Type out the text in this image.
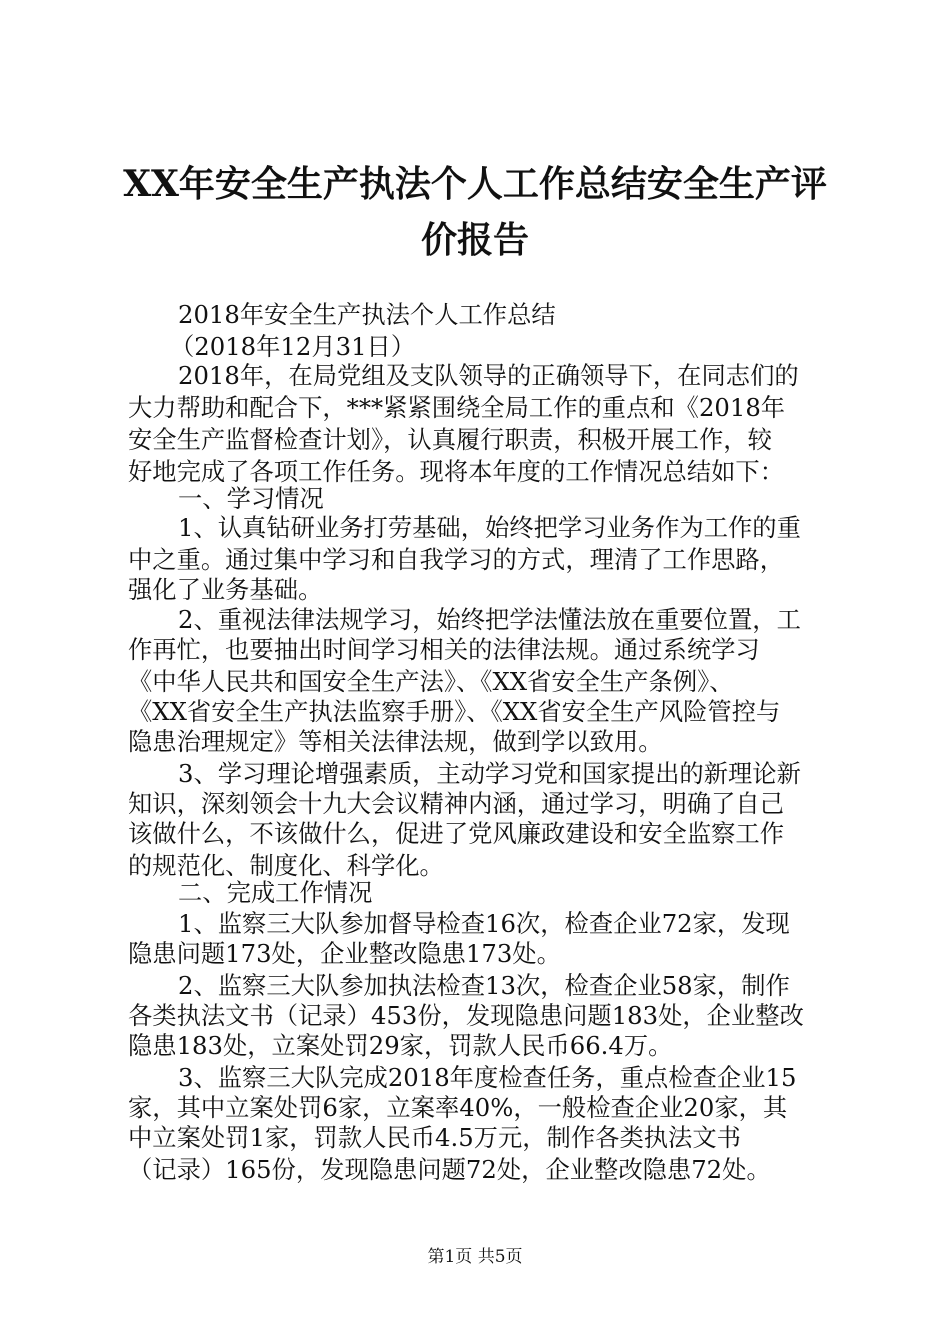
XX年安全生产执法个人工作总结安全生产评
价报告
2018年安全生产执法个人工作总结
（2018年12月31日）
2018年，在局党组及支队领导的正确领导下，在同志们的
大力帮助和配合下，***紧紧围绕全局工作的重点和《2018年
安全生产监督检查计划》，认真履行职责，积极开展工作，较
好地完成了各项工作任务。现将本年度的工作情况总结如下：
一、学习情况
1、认真钻研业务打劳基础，始终把学习业务作为工作的重
中之重。通过集中学习和自我学习的方式，理清了工作思路，
强化了业务基础。
2、重视法律法规学习，始终把学法懂法放在重要位置，工
作再忙，也要抽出时间学习相关的法律法规。通过系统学习
《中华人民共和国安全生产法》、《XX省安全生产条例》、
《XX省安全生产执法监察手册》、《XX省安全生产风险管控与
隐患治理规定》等相关法律法规，做到学以致用。
3、学习理论增强素质，主动学习党和国家提出的新理论新
知识，深刻领会十九大会议精神内涵，通过学习，明确了自己
该做什么，不该做什么，促进了党风廉政建设和安全监察工作
的规范化、制度化、科学化。
二、完成工作情况
1、监察三大队参加督导检查16次，检查企业72家，发现
隐患问题173处，企业整改隐患173处。
2、监察三大队参加执法检查13次，检查企业58家，制作
各类执法文书（记录）453份，发现隐患问题183处，企业整改
隐患183处，立案处罚29家，罚款人民币66.4万。
3、监察三大队完成2018年度检查任务，重点检查企业15
家，其中立案处罚6家，立案率40%，一般检查企业20家，其
中立案处罚1家，罚款人民币4.5万元，制作各类执法文书
（记录）165份，发现隐患问题72处，企业整改隐患72处。
第1页 共5页
